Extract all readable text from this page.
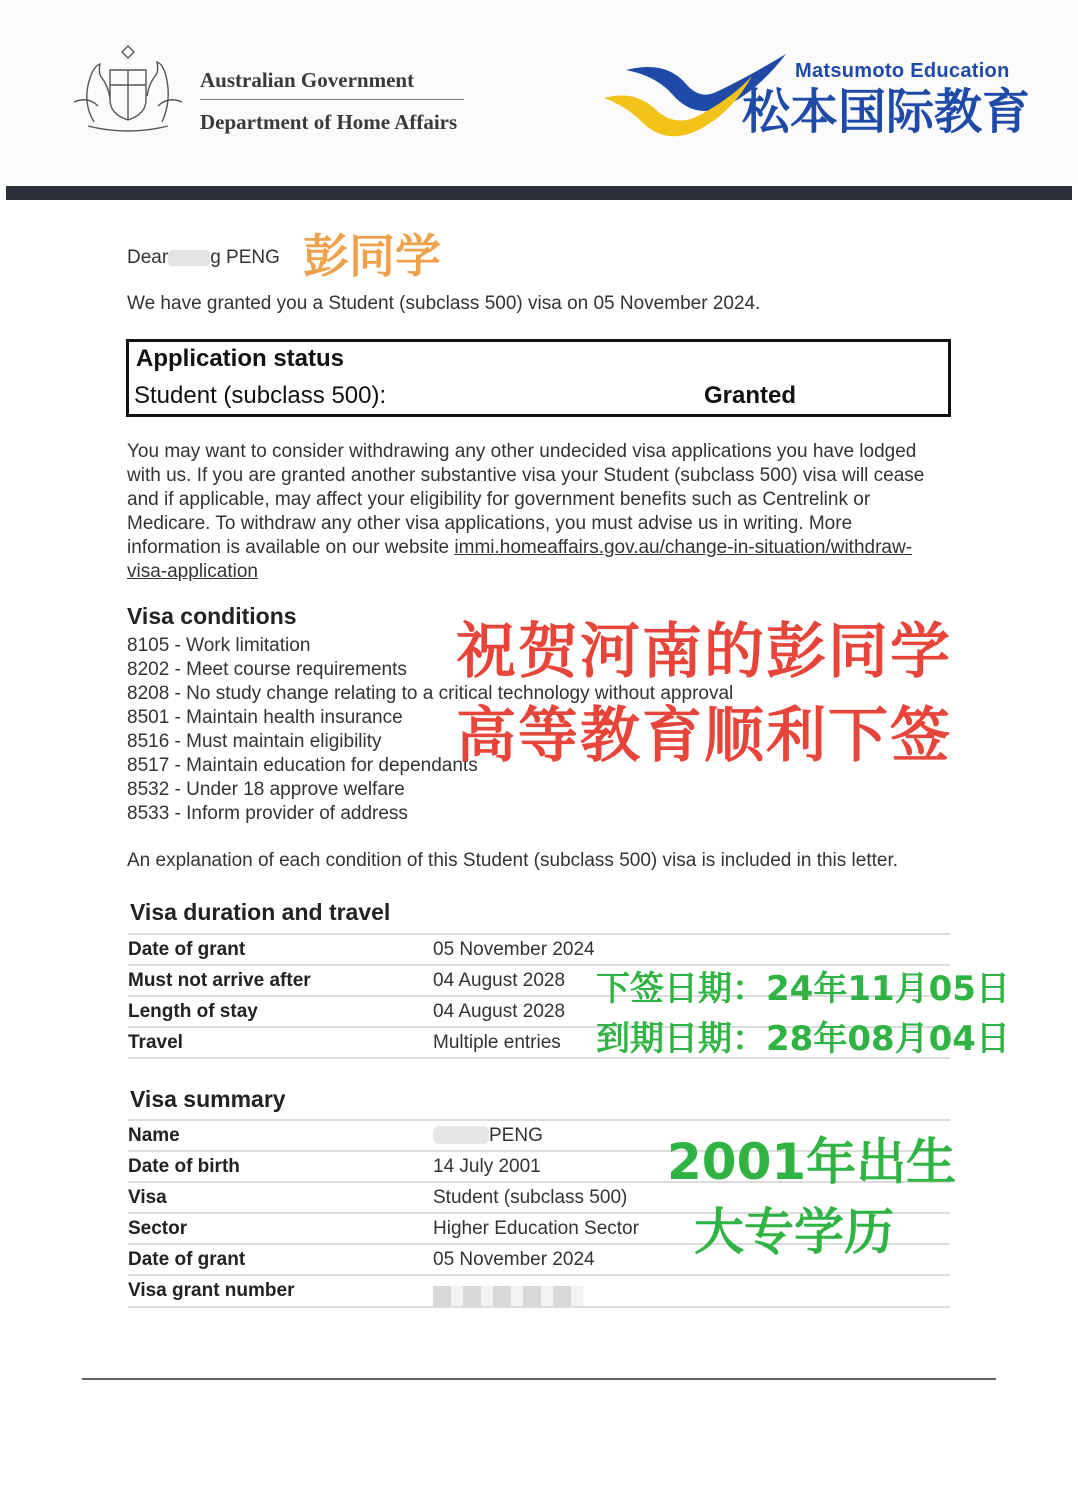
Australian Government
Department of Home Affairs
Matsumoto Education
松本国际教育
Dear g PENG 彭同学
We have granted you a Student (subclass 500) visa on 05 November 2024.
Application status
Student (subclass 500):	Granted

You may want to consider withdrawing any other undecided visa applications you have lodged with us. If you are granted another substantive visa your Student (subclass 500) visa will cease and if applicable, may affect your eligibility for government benefits such as Centrelink or Medicare. To withdraw any other visa applications, you must advise us in writing. More information is available on our website immi.homeaffairs.gov.au/change-in-situation/withdraw-visa-application

Visa conditions
8105 - Work limitation
8202 - Meet course requirements
8208 - No study change relating to a critical technology without approval
8501 - Maintain health insurance
8516 - Must maintain eligibility
8517 - Maintain education for dependants
8532 - Under 18 approve welfare
8533 - Inform provider of address
祝贺河南的彭同学
高等教育顺利下签
An explanation of each condition of this Student (subclass 500) visa is included in this letter.
Visa duration and travel
Date of grant	05 November 2024
Must not arrive after	04 August 2028
Length of stay	04 August 2028
Travel	Multiple entries
下签日期：24年11月05日
到期日期：28年08月04日
Visa summary
Name	PENG
Date of birth	14 July 2001
Visa	Student (subclass 500)
Sector	Higher Education Sector
Date of grant	05 November 2024
Visa grant number	
2001年出生
大专学历
